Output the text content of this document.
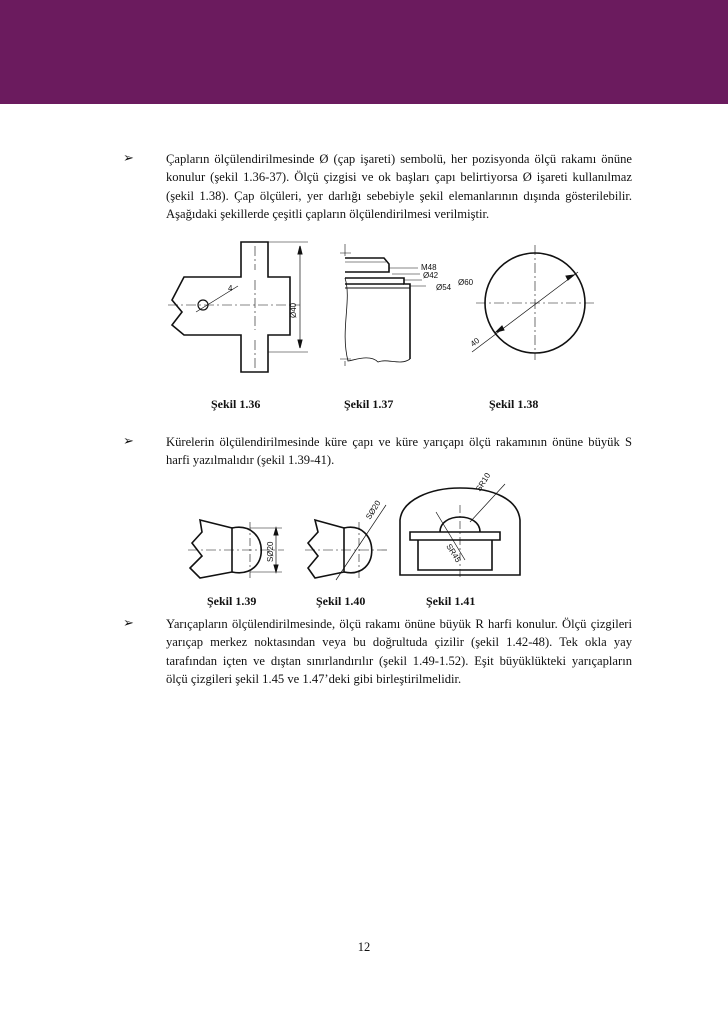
➢	Çapların ölçülendirilmesinde Ø (çap işareti) sembolü, her pozisyonda ölçü rakamı önüne konulur (şekil 1.36-37). Ölçü çizgisi ve ok başları çapı belirtiyorsa Ø işareti kullanılmaz (şekil 1.38). Çap ölçüleri, yer darlığı sebebiyle şekil elemanlarının dışında gösterilebilir. Aşağıdaki şekillerde çeşitli çapların ölçülendirilmesi verilmiştir.

Ø40
4
M48
Ø42
Ø54
Ø60
40
Şekil 1.36	Şekil 1.37	Şekil 1.38
➢	Kürelerin ölçülendirilmesinde küre çapı ve küre yarıçapı ölçü rakamının önüne büyük S harfi yazılmalıdır (şekil 1.39-41).

SØ20
SØ20
SR10
SR45
Şekil 1.39	Şekil 1.40	Şekil 1.41
➢	Yarıçapların ölçülendirilmesinde, ölçü rakamı önüne büyük R harfi konulur. Ölçü çizgileri yarıçap merkez noktasından veya bu doğrultuda çizilir (şekil 1.42-48). Tek okla yay tarafından içten ve dıştan sınırlandırılır (şekil 1.49-1.52). Eşit büyüklükteki yarıçapların ölçü çizgileri şekil 1.45 ve 1.47’deki gibi birleştirilmelidir.

12
